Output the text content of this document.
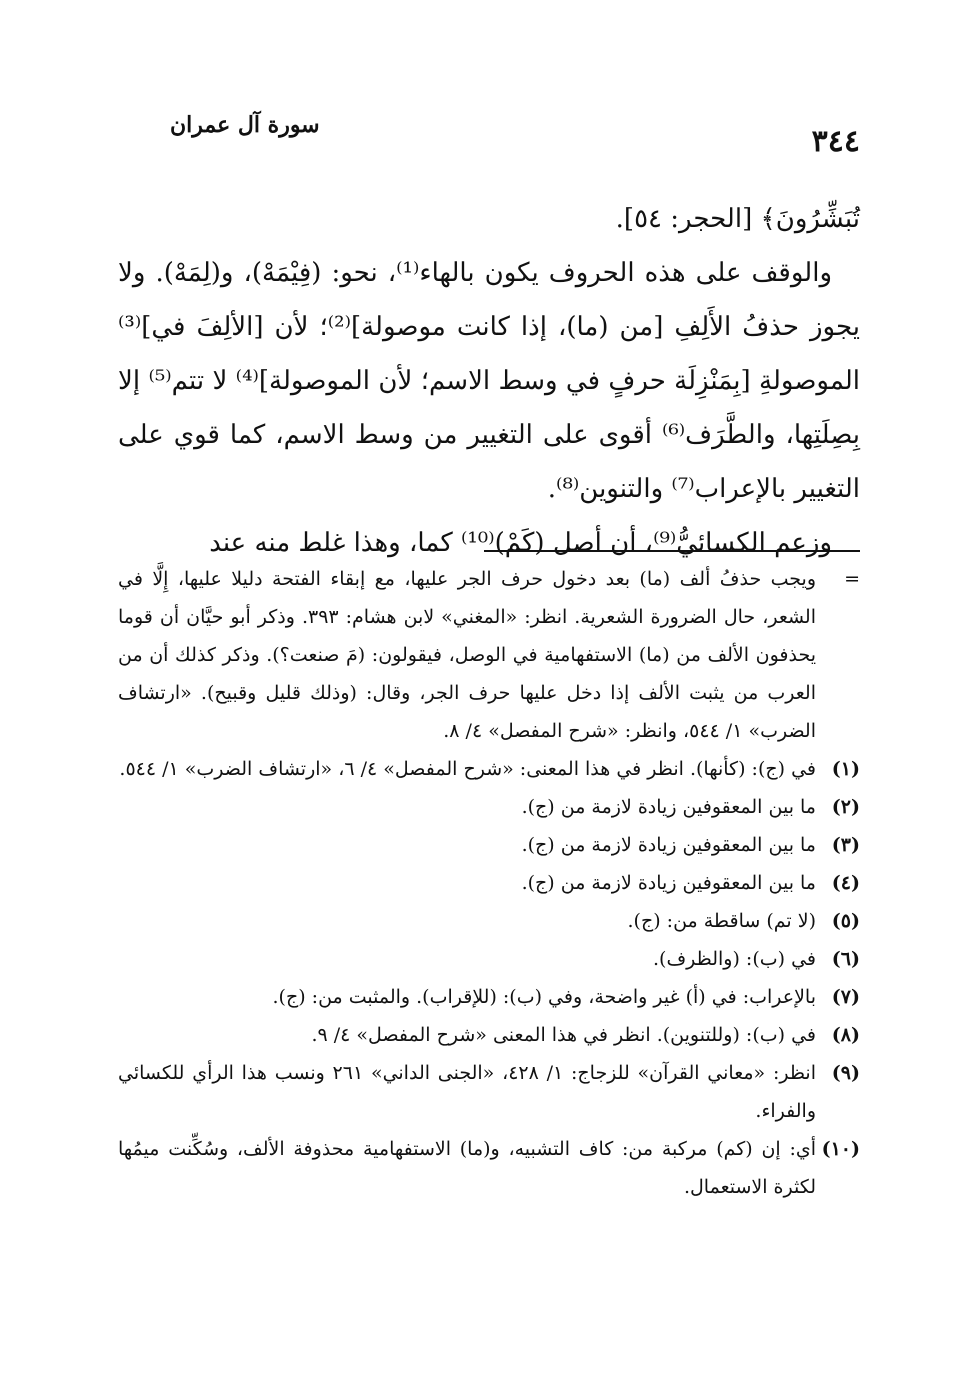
سورة آل عمران	٣٤٤

تُبَشِّرُونَ﴾ [الحجر: ٥٤].

والوقف على هذه الحروف يكون بالهاء⁽¹⁾، نحو: (فِيْمَهْ)، و(لِمَهْ). ولا يجوز حذفُ الأَلِفِ [من (ما)، إذا كانت موصولة]⁽²⁾؛ لأن [الألِفَ في]⁽³⁾ الموصولةِ [بِمَنْزِلَة حرفٍ في وسط الاسم؛ لأن الموصولة]⁽⁴⁾ لا تتم⁽⁵⁾ إلا بِصِلَتِها، والطَّرَف⁽⁶⁾ أقوى على التغيير من وسط الاسم، كما قوي على التغيير بالإعراب⁽⁷⁾ والتنوين⁽⁸⁾.

وزعم الكسائيُّ⁽⁹⁾، أن أصل (كَمْ)⁽¹⁰⁾ كما، وهذا غلط منه عند

=
ويجب حذفُ ألف (ما) بعد دخول حرف الجر عليها، مع إبقاء الفتحة دليلا عليها، إِلَّا في الشعر، حال الضرورة الشعرية. انظر: «المغني» لابن هشام: ٣٩٣. وذكر أبو حيَّان أن قوما يحذفون الألف من (ما) الاستفهامية في الوصل، فيقولون: (مَ صنعت؟). وذكر كذلك أن من العرب من يثبت الألف إذا دخل عليها حرف الجر، وقال: (وذلك قليل وقبيح). «ارتشاف الضرب» ١/ ٥٤٤، وانظر: «شرح المفصل» ٤/ ٨.
(١)
في (ج): (كأنها). انظر في هذا المعنى: «شرح المفصل» ٤/ ٦، «ارتشاف الضرب» ١/ ٥٤٤.
(٢)
ما بين المعقوفين زيادة لازمة من (ج).
(٣)
ما بين المعقوفين زيادة لازمة من (ج).
(٤)
ما بين المعقوفين زيادة لازمة من (ج).
(٥)
(لا تم) ساقطة من: (ج).
(٦)
في (ب): (والظرف).
(٧)
بالإعراب: في (أ) غير واضحة، وفي (ب): (للإقراب). والمثبت من: (ج).
(٨)
في (ب): (وللتنوين). انظر في هذا المعنى «شرح المفصل» ٤/ ٩.
(٩)
انظر: «معاني القرآن» للزجاج: ١/ ٤٢٨، «الجنى الداني» ٢٦١ ونسب هذا الرأي للكسائي والفراء.
(١٠)
أي: إن (كم) مركبة من: كاف التشبيه، و(ما) الاستفهامية محذوفة الألف، وسُكِّنت ميمُها لكثرة الاستعمال.
